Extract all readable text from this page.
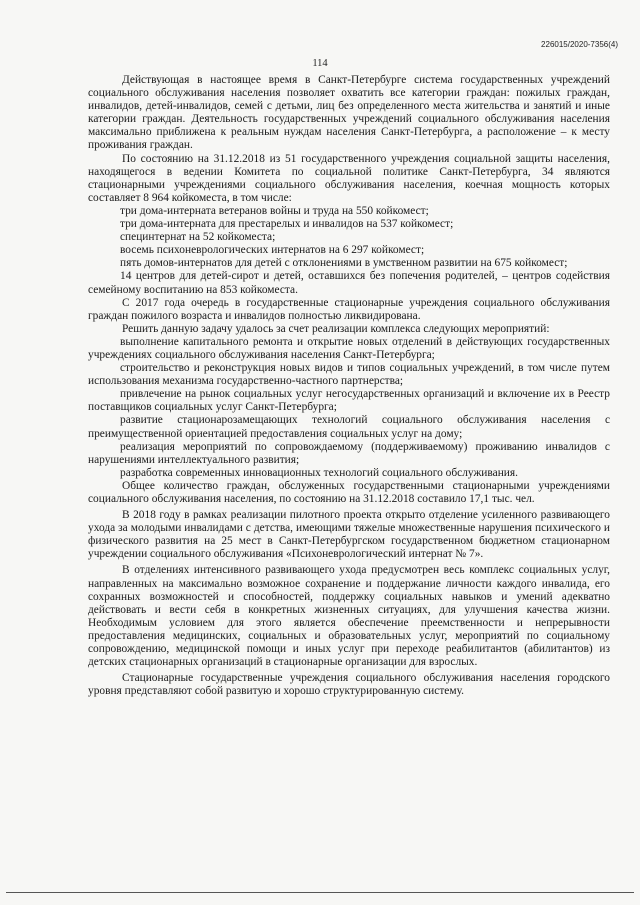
226015/2020-7356(4)
114

Действующая в настоящее время в Санкт-Петербурге система государственных учреждений социального обслуживания населения позволяет охватить все категории граждан: пожилых граждан, инвалидов, детей-инвалидов, семей с детьми, лиц без определенного места жительства и занятий и иные категории граждан. Деятельность государственных учреждений социального обслуживания населения максимально приближена к реальным нуждам населения Санкт-Петербурга, а расположение – к месту проживания граждан.

По состоянию на 31.12.2018 из 51 государственного учреждения социальной защиты населения, находящегося в ведении Комитета по социальной политике Санкт-Петербурга, 34 являются стационарными учреждениями социального обслуживания населения, коечная мощность которых составляет 8 964 койкоместа, в том числе:

три дома-интерната ветеранов войны и труда на 550 койкомест;

три дома-интерната для престарелых и инвалидов на 537 койкомест;

специнтернат на 52 койкоместа;

восемь психоневрологических интернатов на 6 297 койкомест;

пять домов-интернатов для детей с отклонениями в умственном развитии на 675 койкомест;

14 центров для детей-сирот и детей, оставшихся без попечения родителей, – центров содействия семейному воспитанию на 853 койкоместа.

С 2017 года очередь в государственные стационарные учреждения социального обслуживания граждан пожилого возраста и инвалидов полностью ликвидирована.

Решить данную задачу удалось за счет реализации комплекса следующих мероприятий:

выполнение капитального ремонта и открытие новых отделений в действующих государственных учреждениях социального обслуживания населения Санкт-Петербурга;

строительство и реконструкция новых видов и типов социальных учреждений, в том числе путем использования механизма государственно-частного партнерства;

привлечение на рынок социальных услуг негосударственных организаций и включение их в Реестр поставщиков социальных услуг Санкт-Петербурга;

развитие стационарозамещающих технологий социального обслуживания населения с преимущественной ориентацией предоставления социальных услуг на дому;

реализация мероприятий по сопровождаемому (поддерживаемому) проживанию инвалидов с нарушениями интеллектуального развития;

разработка современных инновационных технологий социального обслуживания.

Общее количество граждан, обслуженных государственными стационарными учреждениями социального обслуживания населения, по состоянию на 31.12.2018 составило 17,1 тыс. чел.

В 2018 году в рамках реализации пилотного проекта открыто отделение усиленного развивающего ухода за молодыми инвалидами с детства, имеющими тяжелые множественные нарушения психического и физического развития на 25 мест в Санкт-Петербургском государственном бюджетном стационарном учреждении социального обслуживания «Психоневрологический интернат № 7».

В отделениях интенсивного развивающего ухода предусмотрен весь комплекс социальных услуг, направленных на максимально возможное сохранение и поддержание личности каждого инвалида, его сохранных возможностей и способностей, поддержку социальных навыков и умений адекватно действовать и вести себя в конкретных жизненных ситуациях, для улучшения качества жизни. Необходимым условием для этого является обеспечение преемственности и непрерывности предоставления медицинских, социальных и образовательных услуг, мероприятий по социальному сопровождению, медицинской помощи и иных услуг при переходе реабилитантов (абилитантов) из детских стационарных организаций в стационарные организации для взрослых.

Стационарные государственные учреждения социального обслуживания населения городского уровня представляют собой развитую и хорошо структурированную систему.
